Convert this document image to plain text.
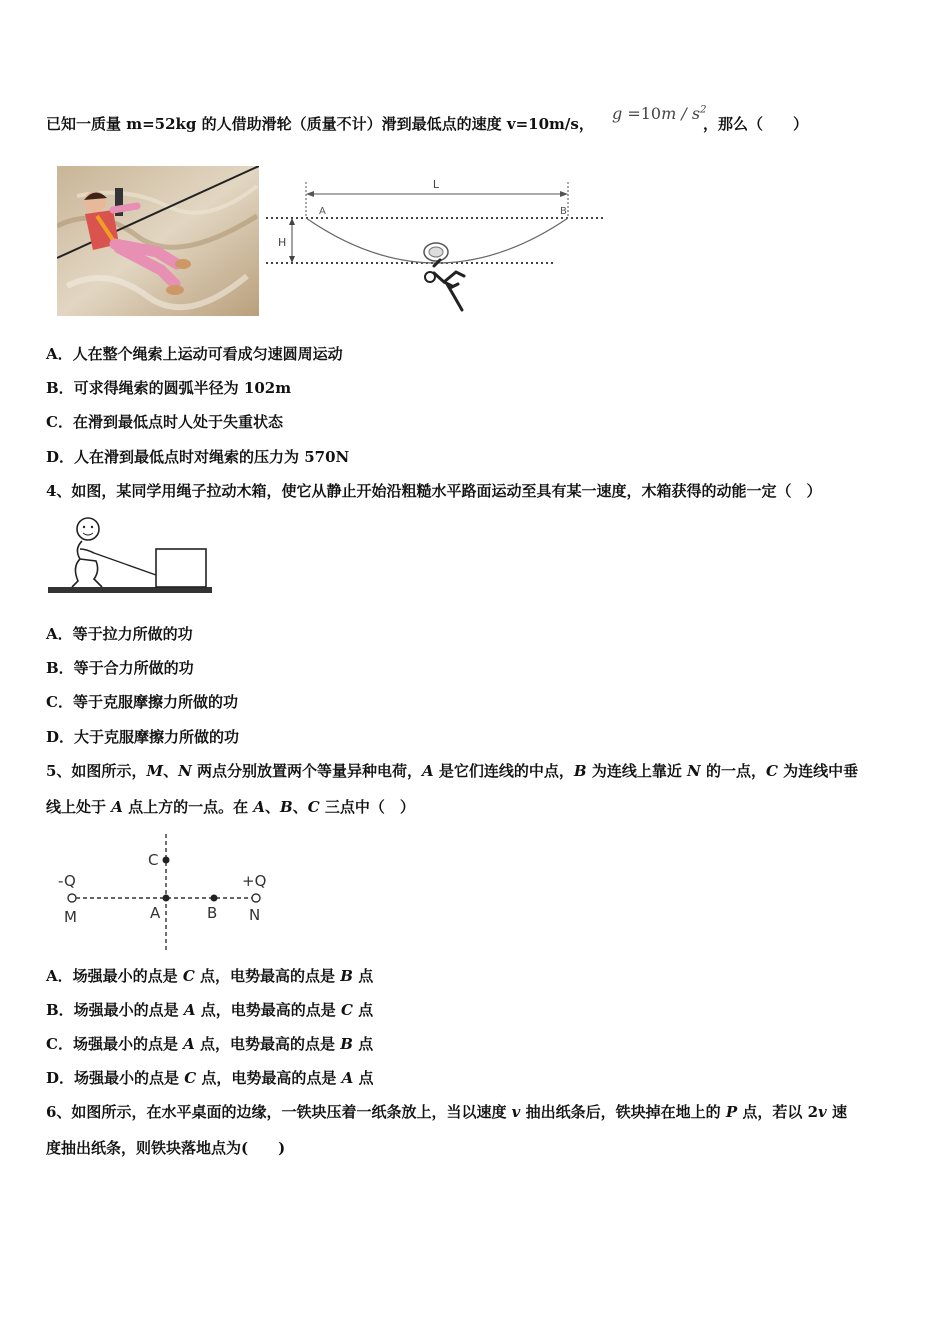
已知一质量 m=52kg 的人借助滑轮（质量不计）滑到最低点的速度 v=10m/s，
$g =10m / s^2$
，那么（　　）
L
A	B
H
A．人在整个绳索上运动可看成匀速圆周运动
B．可求得绳索的圆弧半径为 102m
C．在滑到最低点时人处于失重状态
D．人在滑到最低点时对绳索的压力为 570N
4、如图，某同学用绳子拉动木箱，使它从静止开始沿粗糙水平路面运动至具有某一速度，木箱获得的动能一定（　）
A．等于拉力所做的功
B．等于合力所做的功
C．等于克服摩擦力所做的功
D．大于克服摩擦力所做的功
5、如图所示，M、N 两点分别放置两个等量异种电荷，A 是它们连线的中点，B 为连线上靠近 N 的一点，C 为连线中垂
线上处于 A 点上方的一点。在 A、B、C 三点中（　）
-Q	+Q
M	N
A	B
C
A．场强最小的点是 C 点，电势最高的点是 B 点
B．场强最小的点是 A 点，电势最高的点是 C 点
C．场强最小的点是 A 点，电势最高的点是 B 点
D．场强最小的点是 C 点，电势最高的点是 A 点
6、如图所示，在水平桌面的边缘，一铁块压着一纸条放上，当以速度 v 抽出纸条后，铁块掉在地上的 P 点，若以 2v 速
度抽出纸条，则铁块落地点为(　　)
